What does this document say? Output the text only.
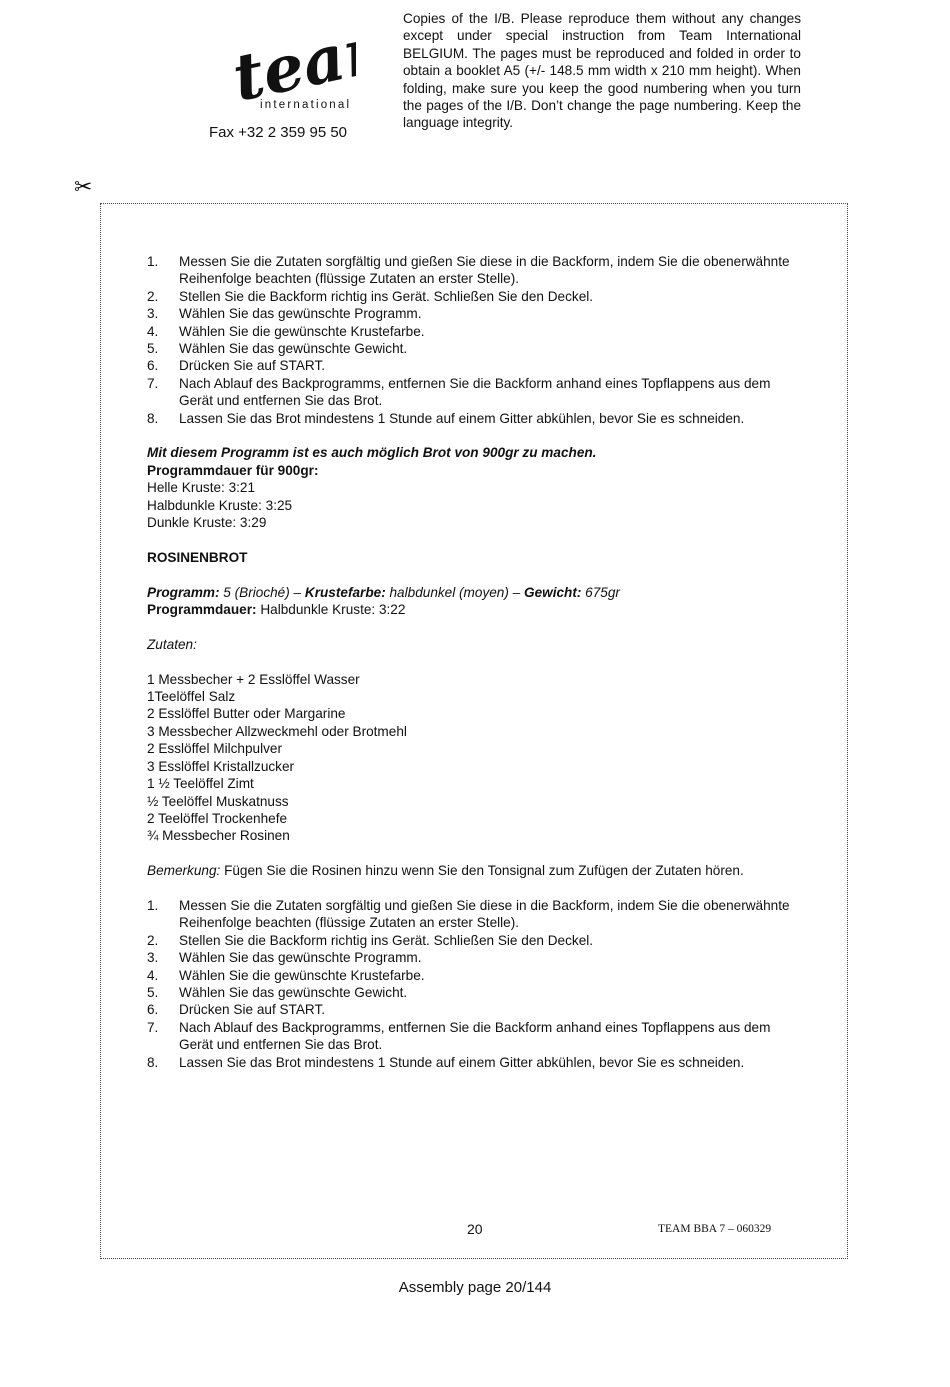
team
international
Fax +32 2 359 95 50
Copies of the I/B. Please reproduce them without any changes except under special instruction from Team International BELGIUM. The pages must be reproduced and folded in order to obtain a booklet A5 (+/- 148.5 mm width x 210 mm height). When folding, make sure you keep the good numbering when you turn the pages of the I/B. Don’t change the page numbering. Keep the language integrity.
✂
1. Messen Sie die Zutaten sorgfältig und gießen Sie diese in die Backform, indem Sie die obenerwähnte Reihenfolge beachten (flüssige Zutaten an erster Stelle).
2. Stellen Sie die Backform richtig ins Gerät. Schließen Sie den Deckel.
3. Wählen Sie das gewünschte Programm.
4. Wählen Sie die gewünschte Krustefarbe.
5. Wählen Sie das gewünschte Gewicht.
6. Drücken Sie auf START.
7. Nach Ablauf des Backprogramms, entfernen Sie die Backform anhand eines Topflappens aus dem Gerät und entfernen Sie das Brot.
8. Lassen Sie das Brot mindestens 1 Stunde auf einem Gitter abkühlen, bevor Sie es schneiden.
Mit diesem Programm ist es auch möglich Brot von 900gr zu machen.
Programmdauer für 900gr:
Helle Kruste: 3:21
Halbdunkle Kruste: 3:25
Dunkle Kruste: 3:29
ROSINENBROT
Programm: 5 (Brioché) – Krustefarbe: halbdunkel (moyen) – Gewicht: 675gr
Programmdauer: Halbdunkle Kruste: 3:22
Zutaten:
1 Messbecher + 2 Esslöffel Wasser
1Teelöffel Salz
2 Esslöffel Butter oder Margarine
3 Messbecher Allzweckmehl oder Brotmehl
2 Esslöffel Milchpulver
3 Esslöffel Kristallzucker
1 ½ Teelöffel Zimt
½ Teelöffel Muskatnuss
2 Teelöffel Trockenhefe
¾ Messbecher Rosinen
Bemerkung: Fügen Sie die Rosinen hinzu wenn Sie den Tonsignal zum Zufügen der Zutaten hören.
1. Messen Sie die Zutaten sorgfältig und gießen Sie diese in die Backform, indem Sie die obenerwähnte Reihenfolge beachten (flüssige Zutaten an erster Stelle).
2. Stellen Sie die Backform richtig ins Gerät. Schließen Sie den Deckel.
3. Wählen Sie das gewünschte Programm.
4. Wählen Sie die gewünschte Krustefarbe.
5. Wählen Sie das gewünschte Gewicht.
6. Drücken Sie auf START.
7. Nach Ablauf des Backprogramms, entfernen Sie die Backform anhand eines Topflappens aus dem Gerät und entfernen Sie das Brot.
8. Lassen Sie das Brot mindestens 1 Stunde auf einem Gitter abkühlen, bevor Sie es schneiden.
20	TEAM BBA 7 – 060329
Assembly page 20/144
